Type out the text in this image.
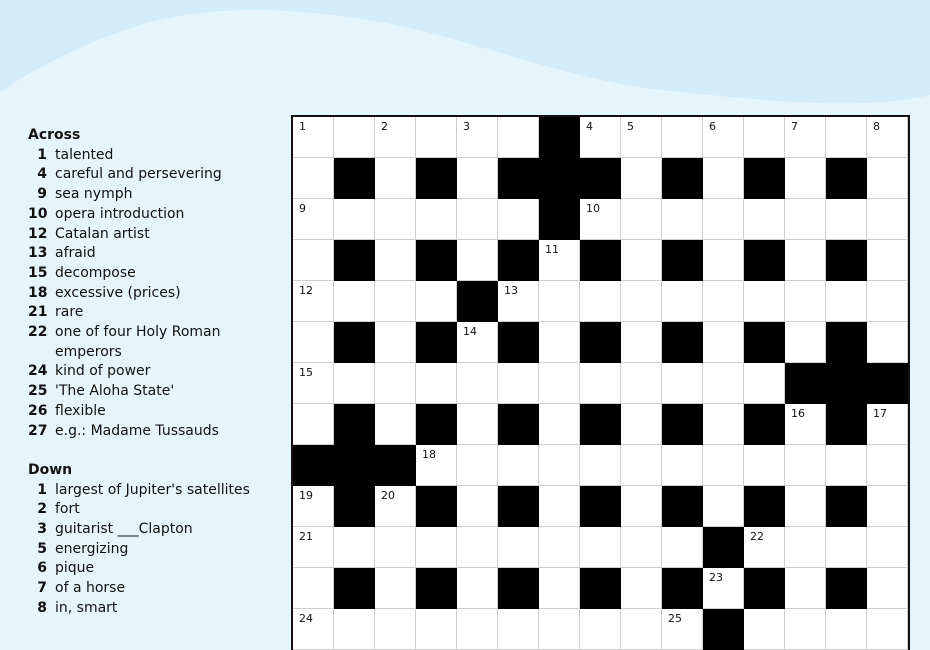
Across
1 talented
4 careful and persevering
9 sea nymph
10 opera introduction
12 Catalan artist
13 afraid
15 decompose
18 excessive (prices)
21 rare
22 one of four Holy Roman emperors
24 kind of power
25 'The Aloha State'
26 flexible
27 e.g.: Madame Tussauds
Down
1 largest of Jupiter's satellites
2 fort
3 guitarist ___Clapton
5 energizing
6 pique
7 of a horse
8 in, smart
1	2	3	4	5	6	7	8
9	10
11
12	13
14
15
16	17
18
19	20
21	22
23
24	25
